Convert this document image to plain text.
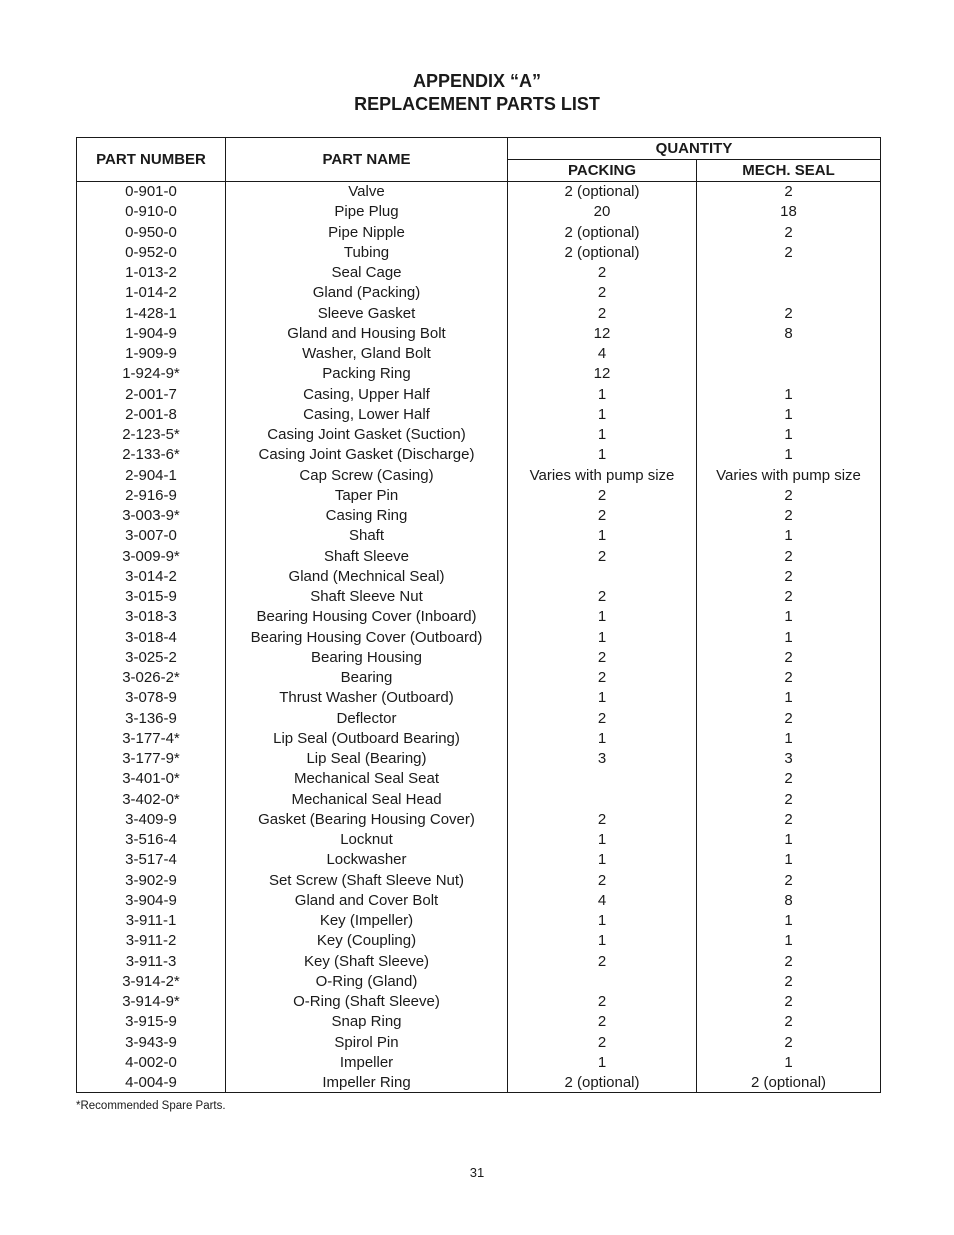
APPENDIX “A”
REPLACEMENT PARTS LIST
PART NUMBER	PART NAME	QUANTITY	
		PACKING	MECH. SEAL
0-901-0	Valve	2 (optional)	2
0-910-0	Pipe Plug	20	18
0-950-0	Pipe Nipple	2 (optional)	2
0-952-0	Tubing	2 (optional)	2
1-013-2	Seal Cage	2	
1-014-2	Gland (Packing)	2	
1-428-1	Sleeve Gasket	2	2
1-904-9	Gland and Housing Bolt	12	8
1-909-9	Washer, Gland Bolt	4	
1-924-9*	Packing Ring	12	
2-001-7	Casing, Upper Half	1	1
2-001-8	Casing, Lower Half	1	1
2-123-5*	Casing Joint Gasket (Suction)	1	1
2-133-6*	Casing Joint Gasket (Discharge)	1	1
2-904-1	Cap Screw (Casing)	Varies with pump size	Varies with pump size
2-916-9	Taper Pin	2	2
3-003-9*	Casing Ring	2	2
3-007-0	Shaft	1	1
3-009-9*	Shaft Sleeve	2	2
3-014-2	Gland (Mechnical Seal)		2
3-015-9	Shaft Sleeve Nut	2	2
3-018-3	Bearing Housing Cover (Inboard)	1	1
3-018-4	Bearing Housing Cover (Outboard)	1	1
3-025-2	Bearing Housing	2	2
3-026-2*	Bearing	2	2
3-078-9	Thrust Washer (Outboard)	1	1
3-136-9	Deflector	2	2
3-177-4*	Lip Seal (Outboard Bearing)	1	1
3-177-9*	Lip Seal (Bearing)	3	3
3-401-0*	Mechanical Seal Seat		2
3-402-0*	Mechanical Seal Head		2
3-409-9	Gasket (Bearing Housing Cover)	2	2
3-516-4	Locknut	1	1
3-517-4	Lockwasher	1	1
3-902-9	Set Screw (Shaft Sleeve Nut)	2	2
3-904-9	Gland and Cover Bolt	4	8
3-911-1	Key (Impeller)	1	1
3-911-2	Key (Coupling)	1	1
3-911-3	Key (Shaft Sleeve)	2	2
3-914-2*	O-Ring (Gland)		2
3-914-9*	O-Ring (Shaft Sleeve)	2	2
3-915-9	Snap Ring	2	2
3-943-9	Spirol Pin	2	2
4-002-0	Impeller	1	1
4-004-9	Impeller Ring	2 (optional)	2 (optional)
*Recommended Spare Parts.
31
